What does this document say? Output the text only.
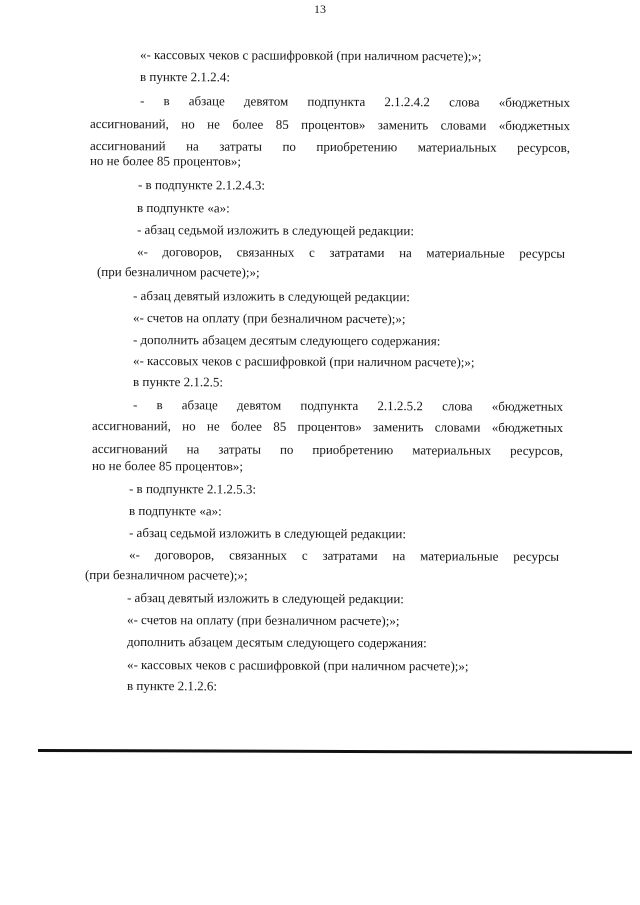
13
«- кассовых чеков с расшифровкой (при наличном расчете);»;
в пункте 2.1.2.4:
- в абзаце девятом подпункта 2.1.2.4.2 слова «бюджетных
ассигнований, но не более 85 процентов» заменить словами «бюджетных
ассигнований на затраты по приобретению материальных ресурсов,
но не более 85 процентов»;
- в подпункте 2.1.2.4.3:
в подпункте «а»:
- абзац седьмой изложить в следующей редакции:
«- договоров, связанных с затратами на материальные ресурсы
(при безналичном расчете);»;
- абзац девятый изложить в следующей редакции:
«- счетов на оплату (при безналичном расчете);»;
- дополнить абзацем десятым следующего содержания:
«- кассовых чеков с расшифровкой (при наличном расчете);»;
в пункте 2.1.2.5:
- в абзаце девятом подпункта 2.1.2.5.2 слова «бюджетных
ассигнований, но не более 85 процентов» заменить словами «бюджетных
ассигнований на затраты по приобретению материальных ресурсов,
но не более 85 процентов»;
- в подпункте 2.1.2.5.3:
в подпункте «а»:
- абзац седьмой изложить в следующей редакции:
«- договоров, связанных с затратами на материальные ресурсы
(при безналичном расчете);»;
- абзац девятый изложить в следующей редакции:
«- счетов на оплату (при безналичном расчете);»;
дополнить абзацем десятым следующего содержания:
«- кассовых чеков с расшифровкой (при наличном расчете);»;
в пункте 2.1.2.6:
